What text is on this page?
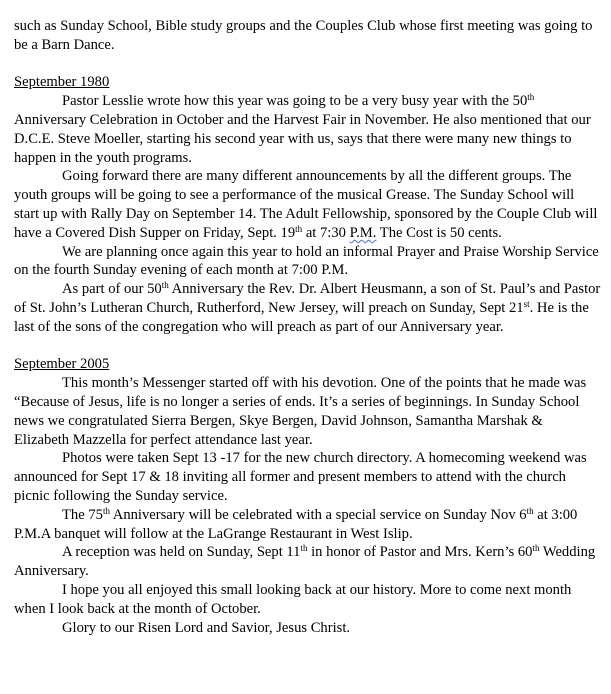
such as Sunday School, Bible study groups and the Couples Club whose first meeting was going to be a Barn Dance.

September 1980

Pastor Lesslie wrote how this year was going to be a very busy year with the 50th Anniversary Celebration in October and the Harvest Fair in November. He also mentioned that our D.C.E. Steve Moeller, starting his second year with us, says that there were many new things to happen in the youth programs.

Going forward there are many different announcements by all the different groups. The youth groups will be going to see a performance of the musical Grease. The Sunday School will start up with Rally Day on September 14. The Adult Fellowship, sponsored by the Couple Club will have a Covered Dish Supper on Friday, Sept. 19th at 7:30 P.M. The Cost is 50 cents.

We are planning once again this year to hold an informal Prayer and Praise Worship Service on the fourth Sunday evening of each month at 7:00 P.M.

As part of our 50th Anniversary the Rev. Dr. Albert Heusmann, a son of St. Paul’s and Pastor of St. John’s Lutheran Church, Rutherford, New Jersey, will preach on Sunday, Sept 21st. He is the last of the sons of the congregation who will preach as part of our Anniversary year.

September 2005

This month’s Messenger started off with his devotion. One of the points that he made was “Because of Jesus, life is no longer a series of ends. It’s a series of beginnings. In Sunday School news we congratulated Sierra Bergen, Skye Bergen, David Johnson, Samantha Marshak & Elizabeth Mazzella for perfect attendance last year.

Photos were taken Sept 13 -17 for the new church directory. A homecoming weekend was announced for Sept 17 & 18 inviting all former and present members to attend with the church picnic following the Sunday service.

The 75th Anniversary will be celebrated with a special service on Sunday Nov 6th at 3:00 P.M.A banquet will follow at the LaGrange Restaurant in West Islip.

A reception was held on Sunday, Sept 11th in honor of Pastor and Mrs. Kern’s 60th Wedding Anniversary.

I hope you all enjoyed this small looking back at our history. More to come next month when I look back at the month of October.

Glory to our Risen Lord and Savior, Jesus Christ.
